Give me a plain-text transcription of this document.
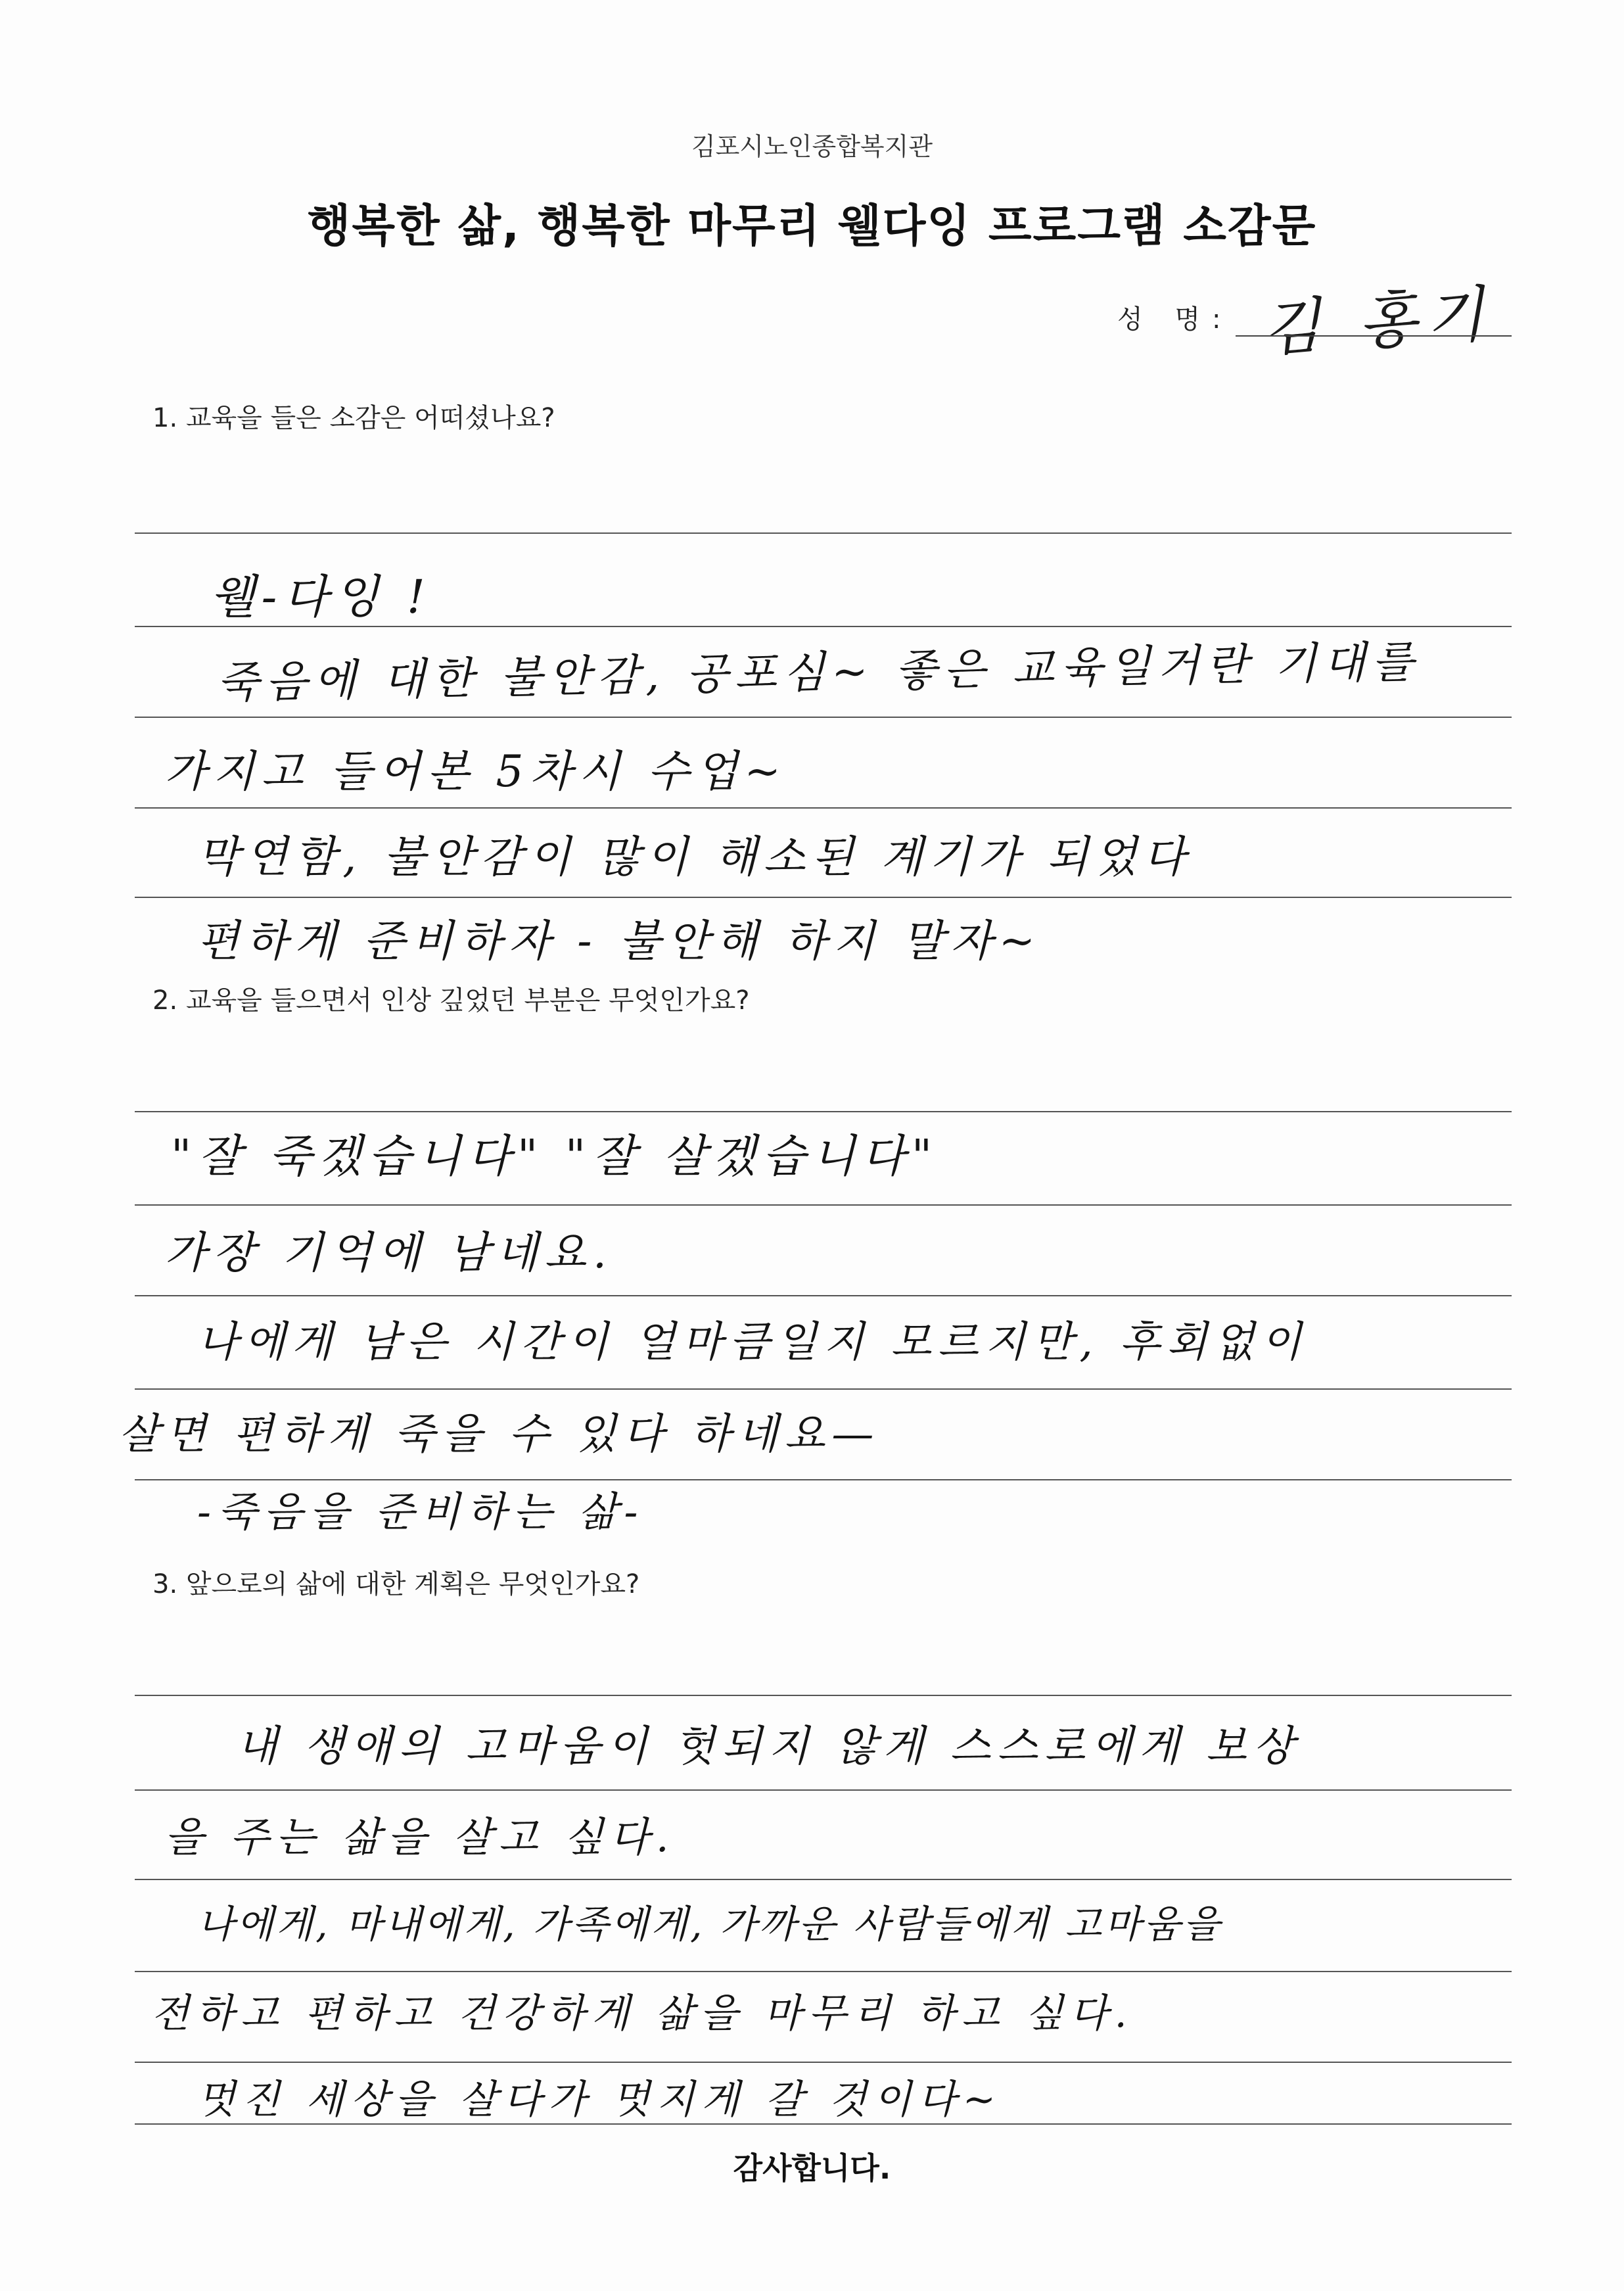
김포시노인종합복지관
행복한 삶, 행복한 마무리 웰다잉 프로그램 소감문
성 명: 김 홍기
1. 교육을 들은 소감은 어떠셨나요?
웰-다잉 !
죽음에 대한 불안감, 공포심~ 좋은 교육일거란 기대를
가지고 들어본 5차시 수업~
막연함, 불안감이 많이 해소된 계기가 되었다
편하게 준비하자 - 불안해 하지 말자~
2. 교육을 들으면서 인상 깊었던 부분은 무엇인가요?
"잘 죽겠습니다" "잘 살겠습니다"
가장 기억에 남네요.
나에게 남은 시간이 얼마큼일지 모르지만, 후회없이
살면 편하게 죽을 수 있다 하네요—
-죽음을 준비하는 삶-
3. 앞으로의 삶에 대한 계획은 무엇인가요?
내 생애의 고마움이 헛되지 않게 스스로에게 보상
을 주는 삶을 살고 싶다.
나에게, 마내에게, 가족에게, 가까운 사람들에게 고마움을
전하고 편하고 건강하게 삶을 마무리 하고 싶다.
멋진 세상을 살다가 멋지게 갈 것이다~
감사합니다.
